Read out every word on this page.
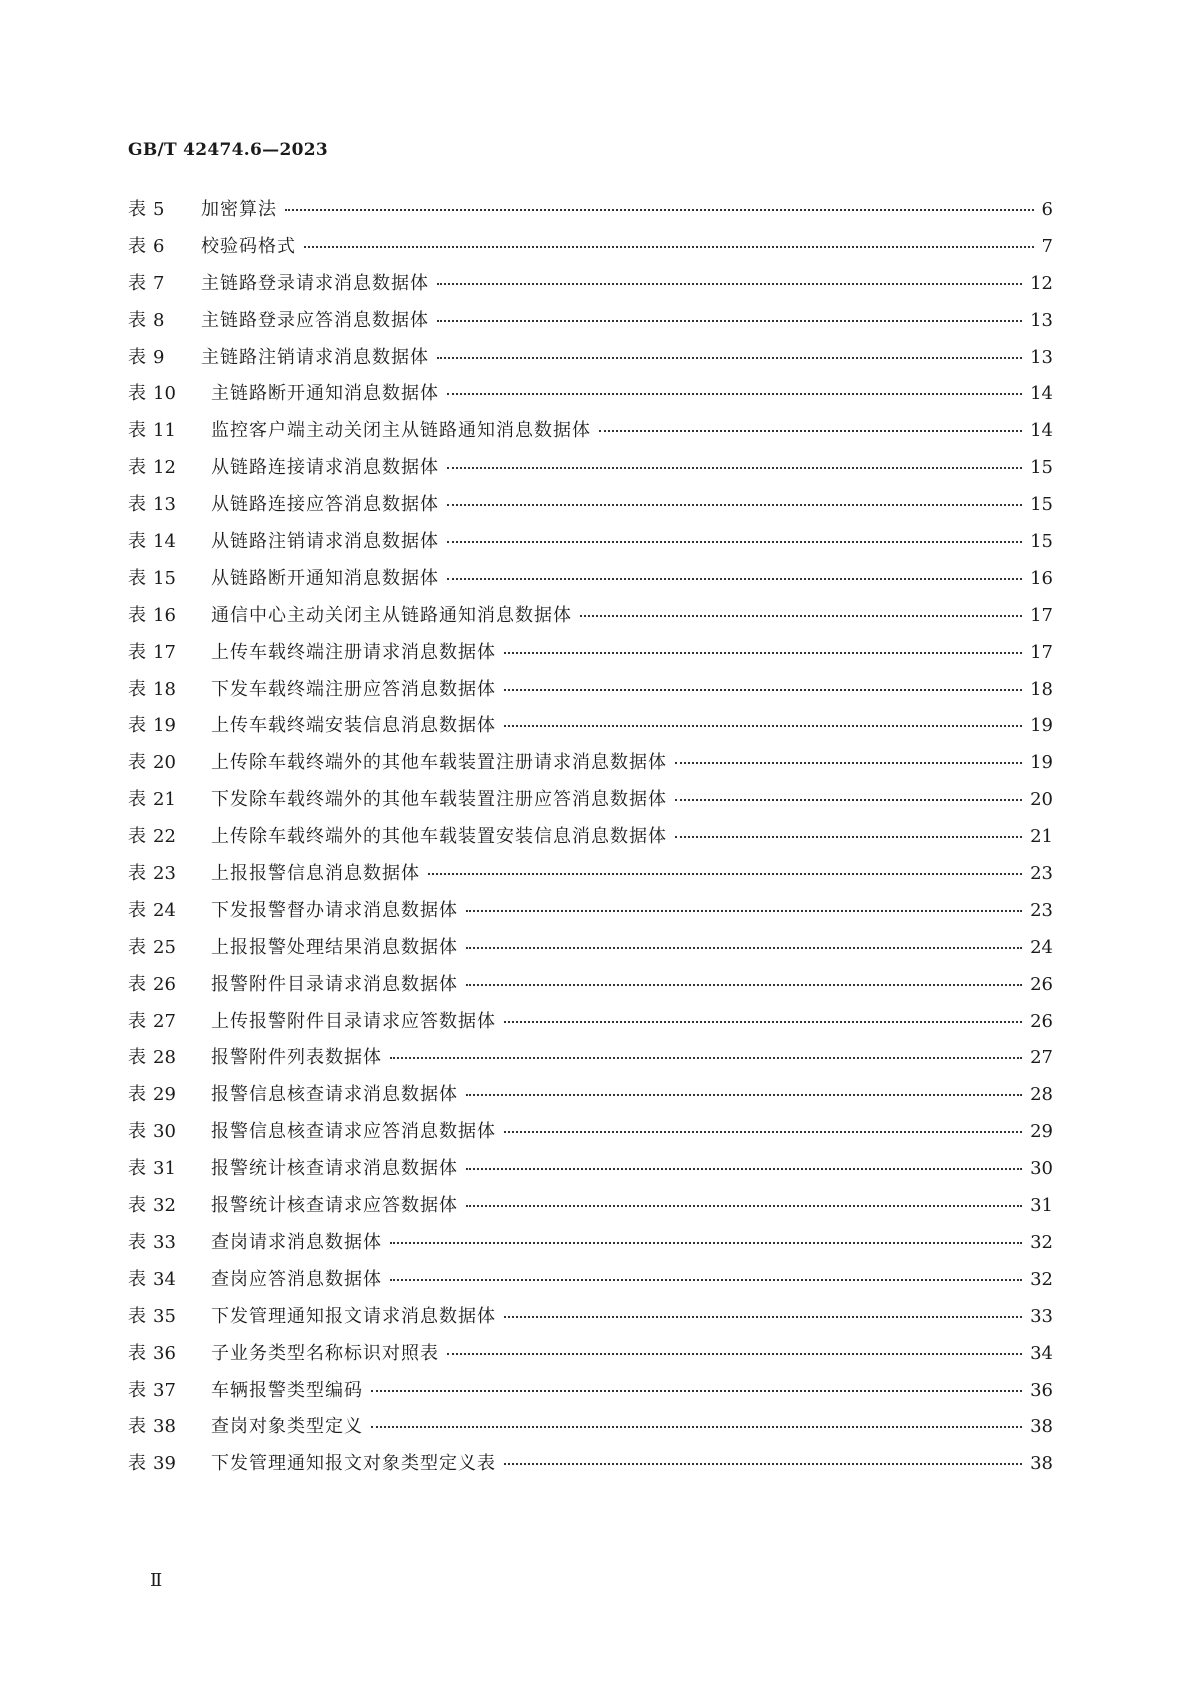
GB/T 42474.6—2023
表 5	加密算法	6
表 6	校验码格式	7
表 7	主链路登录请求消息数据体	12
表 8	主链路登录应答消息数据体	13
表 9	主链路注销请求消息数据体	13
表 10	主链路断开通知消息数据体	14
表 11	监控客户端主动关闭主从链路通知消息数据体	14
表 12	从链路连接请求消息数据体	15
表 13	从链路连接应答消息数据体	15
表 14	从链路注销请求消息数据体	15
表 15	从链路断开通知消息数据体	16
表 16	通信中心主动关闭主从链路通知消息数据体	17
表 17	上传车载终端注册请求消息数据体	17
表 18	下发车载终端注册应答消息数据体	18
表 19	上传车载终端安装信息消息数据体	19
表 20	上传除车载终端外的其他车载装置注册请求消息数据体	19
表 21	下发除车载终端外的其他车载装置注册应答消息数据体	20
表 22	上传除车载终端外的其他车载装置安装信息消息数据体	21
表 23	上报报警信息消息数据体	23
表 24	下发报警督办请求消息数据体	23
表 25	上报报警处理结果消息数据体	24
表 26	报警附件目录请求消息数据体	26
表 27	上传报警附件目录请求应答数据体	26
表 28	报警附件列表数据体	27
表 29	报警信息核查请求消息数据体	28
表 30	报警信息核查请求应答消息数据体	29
表 31	报警统计核查请求消息数据体	30
表 32	报警统计核查请求应答数据体	31
表 33	查岗请求消息数据体	32
表 34	查岗应答消息数据体	32
表 35	下发管理通知报文请求消息数据体	33
表 36	子业务类型名称标识对照表	34
表 37	车辆报警类型编码	36
表 38	查岗对象类型定义	38
表 39	下发管理通知报文对象类型定义表	38
Ⅱ
